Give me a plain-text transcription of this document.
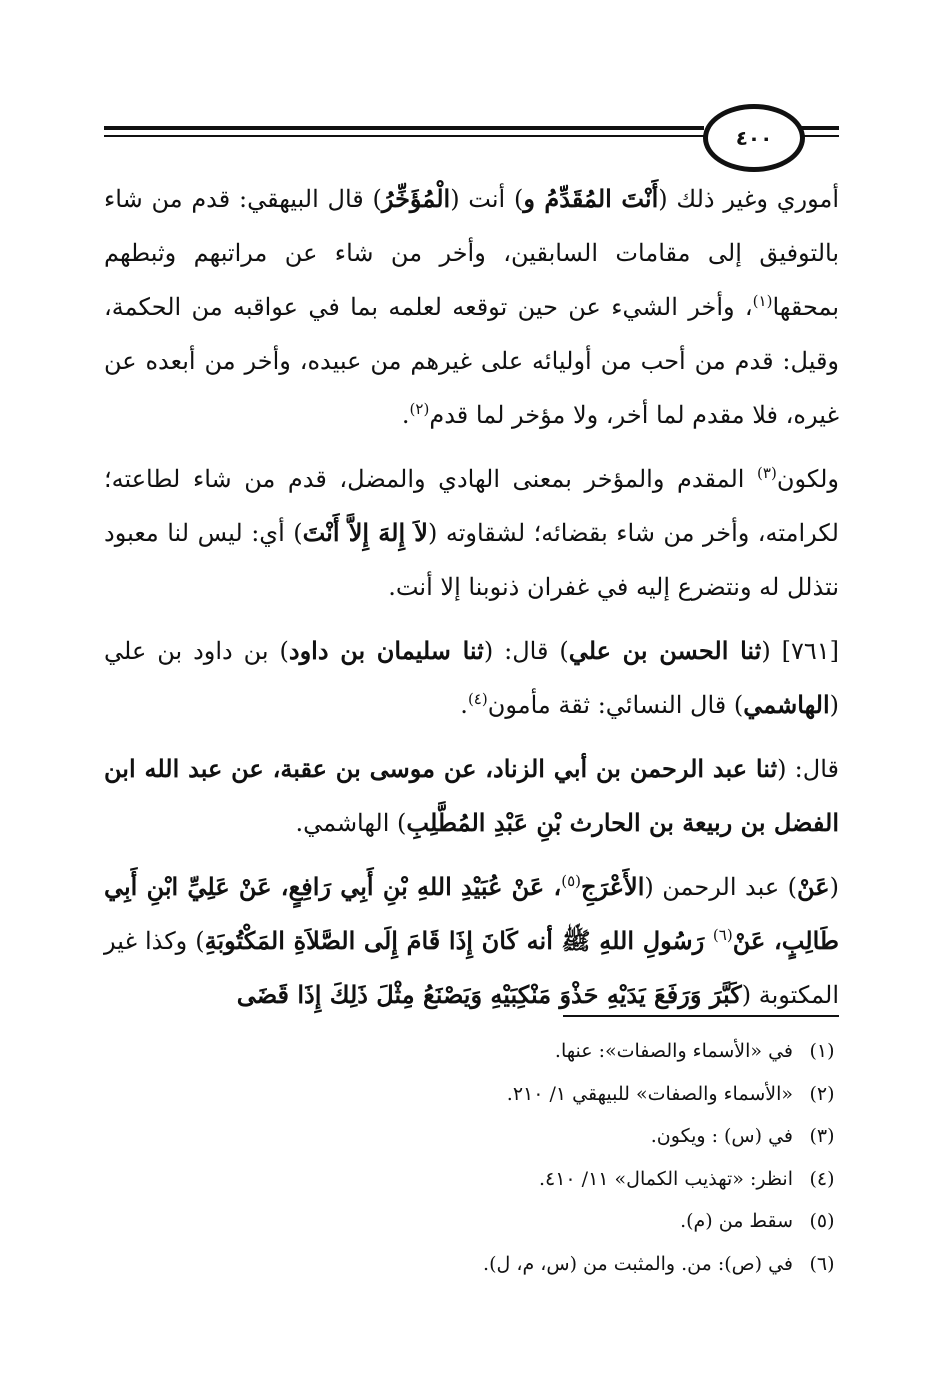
٤٠٠

أموري وغير ذلك (أَنْتَ المُقَدِّمُ و) أنت (الْمُؤَخِّرُ) قال البيهقي: قدم من شاء بالتوفيق إلى مقامات السابقين، وأخر من شاء عن مراتبهم وثبطهم بمحقها$^{(١)}$، وأخر الشيء عن حين توقعه لعلمه بما في عواقبه من الحكمة، وقيل: قدم من أحب من أوليائه على غيرهم من عبيده، وأخر من أبعده عن غيره، فلا مقدم لما أخر، ولا مؤخر لما قدم$^{(٢)}$.

ولكون$^{(٣)}$ المقدم والمؤخر بمعنى الهادي والمضل، قدم من شاء لطاعته؛ لكرامته، وأخر من شاء بقضائه؛ لشقاوته (لاَ إِلهَ إِلاَّ أَنْتَ) أي: ليس لنا معبود نتذلل له ونتضرع إليه في غفران ذنوبنا إلا أنت.

[٧٦١] (ثنا الحسن بن علي) قال: (ثنا سليمان بن داود) بن داود بن علي (الهاشمي) قال النسائي: ثقة مأمون$^{(٤)}$.

قال: (ثنا عبد الرحمن بن أبي الزناد، عن موسى بن عقبة، عن عبد الله ابن الفضل بن ربيعة بن الحارث بْنِ عَبْدِ المُطَّلِبِ) الهاشمي.

(عَنْ) عبد الرحمن (الأَعْرَجِ$^{(٥)}$، عَنْ عُبَيْدِ اللهِ بْنِ أَبِي رَافِعٍ، عَنْ عَلِيِّ ابْنِ أَبِي طَالِبٍ، عَنْ$^{(٦)}$ رَسُولِ اللهِ ﷺ أنه كَانَ إِذَا قَامَ إِلَى الصَّلاَةِ المَكْتُوبَةِ) وكذا غير المكتوبة (كَبَّرَ وَرَفَعَ يَدَيْهِ حَذْوَ مَنْكِبَيْهِ وَيَصْنَعُ مِثْلَ ذَلِكَ إِذَا قَضَى

(١)
في «الأسماء والصفات»: عنها.
(٢)
«الأسماء والصفات» للبيهقي ١/ ٢١٠.
(٣)
في (س) : ويكون.
(٤)
انظر: «تهذيب الكمال» ١١/ ٤١٠.
(٥)
سقط من (م).
(٦)
في (ص): من. والمثبت من (س، م، ل).
